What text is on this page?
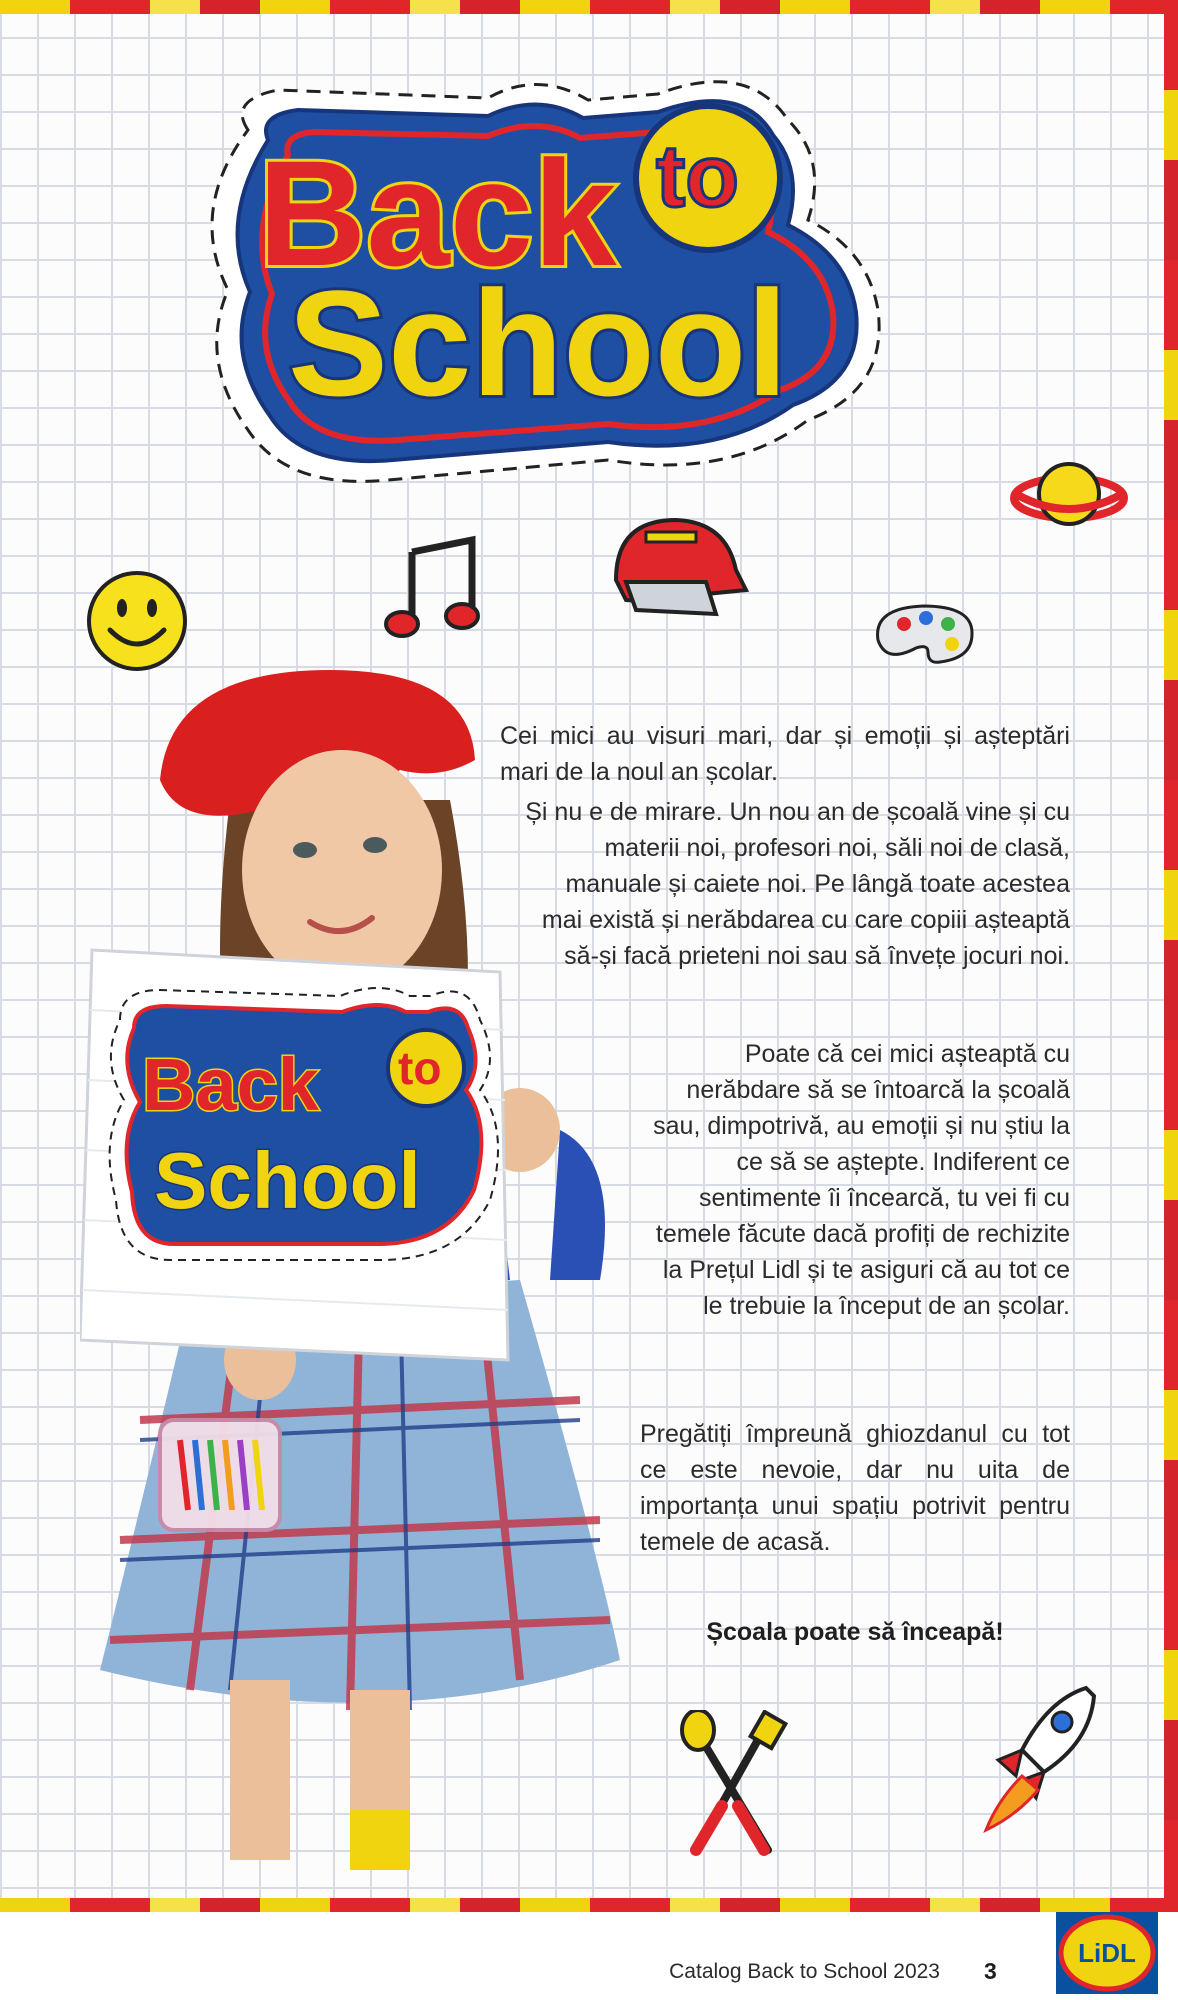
Back to
School
Back to
School

Cei mici au visuri mari, dar și emoții și așteptări mari de la noul an școlar.

Și nu e de mirare. Un nou an de școală vine și cu materii noi, profesori noi, săli noi de clasă, manuale și caiete noi. Pe lângă toate acestea mai există și nerăbdarea cu care copiii așteaptă să-și facă prieteni noi sau să învețe jocuri noi.

Poate că cei mici așteaptă cu nerăbdare să se întoarcă la școală sau, dimpotrivă, au emoții și nu știu la ce să se aștepte. Indiferent ce sentimente îi încearcă, tu vei fi cu temele făcute dacă profiți de rechizite la Prețul Lidl și te asiguri că au tot ce le trebuie la început de an școlar.

Pregătiți împreună ghiozdanul cu tot ce este nevoie, dar nu uita de importanța unui spațiu potrivit pentru temele de acasă.

Școala poate să înceapă!

Catalog Back to School 2023 3
LiDL
